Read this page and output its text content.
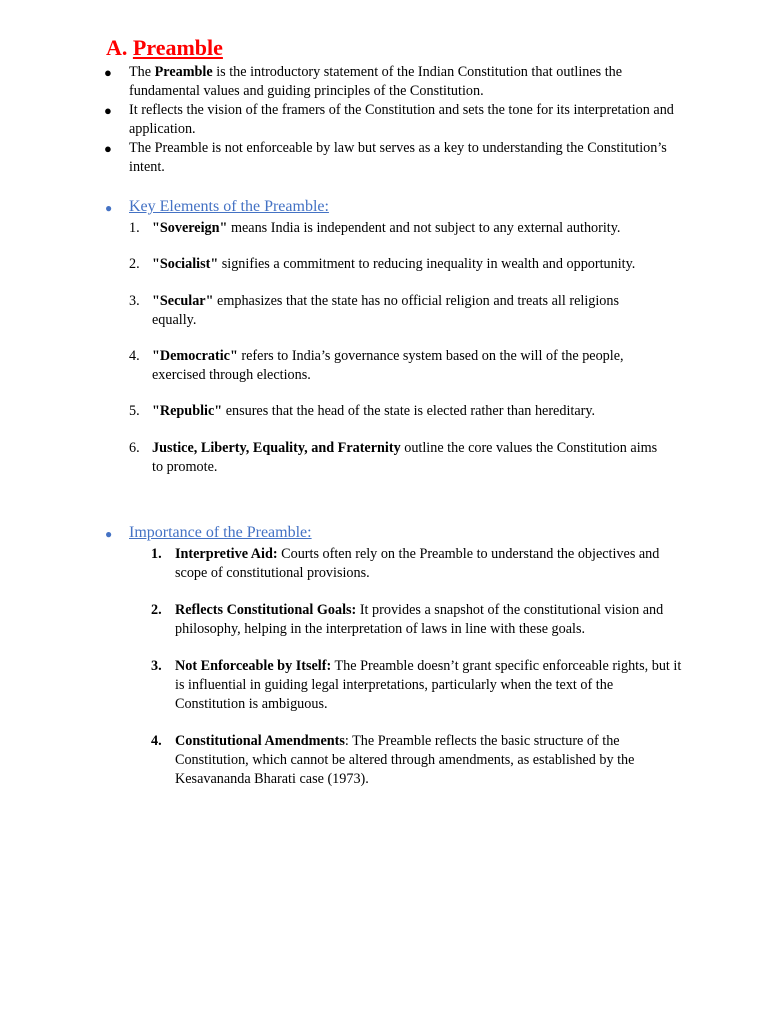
A. Preamble
● The Preamble is the introductory statement of the Indian Constitution that outlines the fundamental values and guiding principles of the Constitution.
● It reflects the vision of the framers of the Constitution and sets the tone for its interpretation and application.
● The Preamble is not enforceable by law but serves as a key to understanding the Constitution’s intent.
● Key Elements of the Preamble:
1. "Sovereign" means India is independent and not subject to any external authority.
2. "Socialist" signifies a commitment to reducing inequality in wealth and opportunity.
3. "Secular" emphasizes that the state has no official religion and treats all religions equally.
4. "Democratic" refers to India’s governance system based on the will of the people, exercised through elections.
5. "Republic" ensures that the head of the state is elected rather than hereditary.
6. Justice, Liberty, Equality, and Fraternity outline the core values the Constitution aims to promote.
● Importance of the Preamble:
1. Interpretive Aid: Courts often rely on the Preamble to understand the objectives and scope of constitutional provisions.
2. Reflects Constitutional Goals: It provides a snapshot of the constitutional vision and philosophy, helping in the interpretation of laws in line with these goals.
3. Not Enforceable by Itself: The Preamble doesn’t grant specific enforceable rights, but it is influential in guiding legal interpretations, particularly when the text of the Constitution is ambiguous.
4. Constitutional Amendments: The Preamble reflects the basic structure of the Constitution, which cannot be altered through amendments, as established by the Kesavananda Bharati case (1973).
